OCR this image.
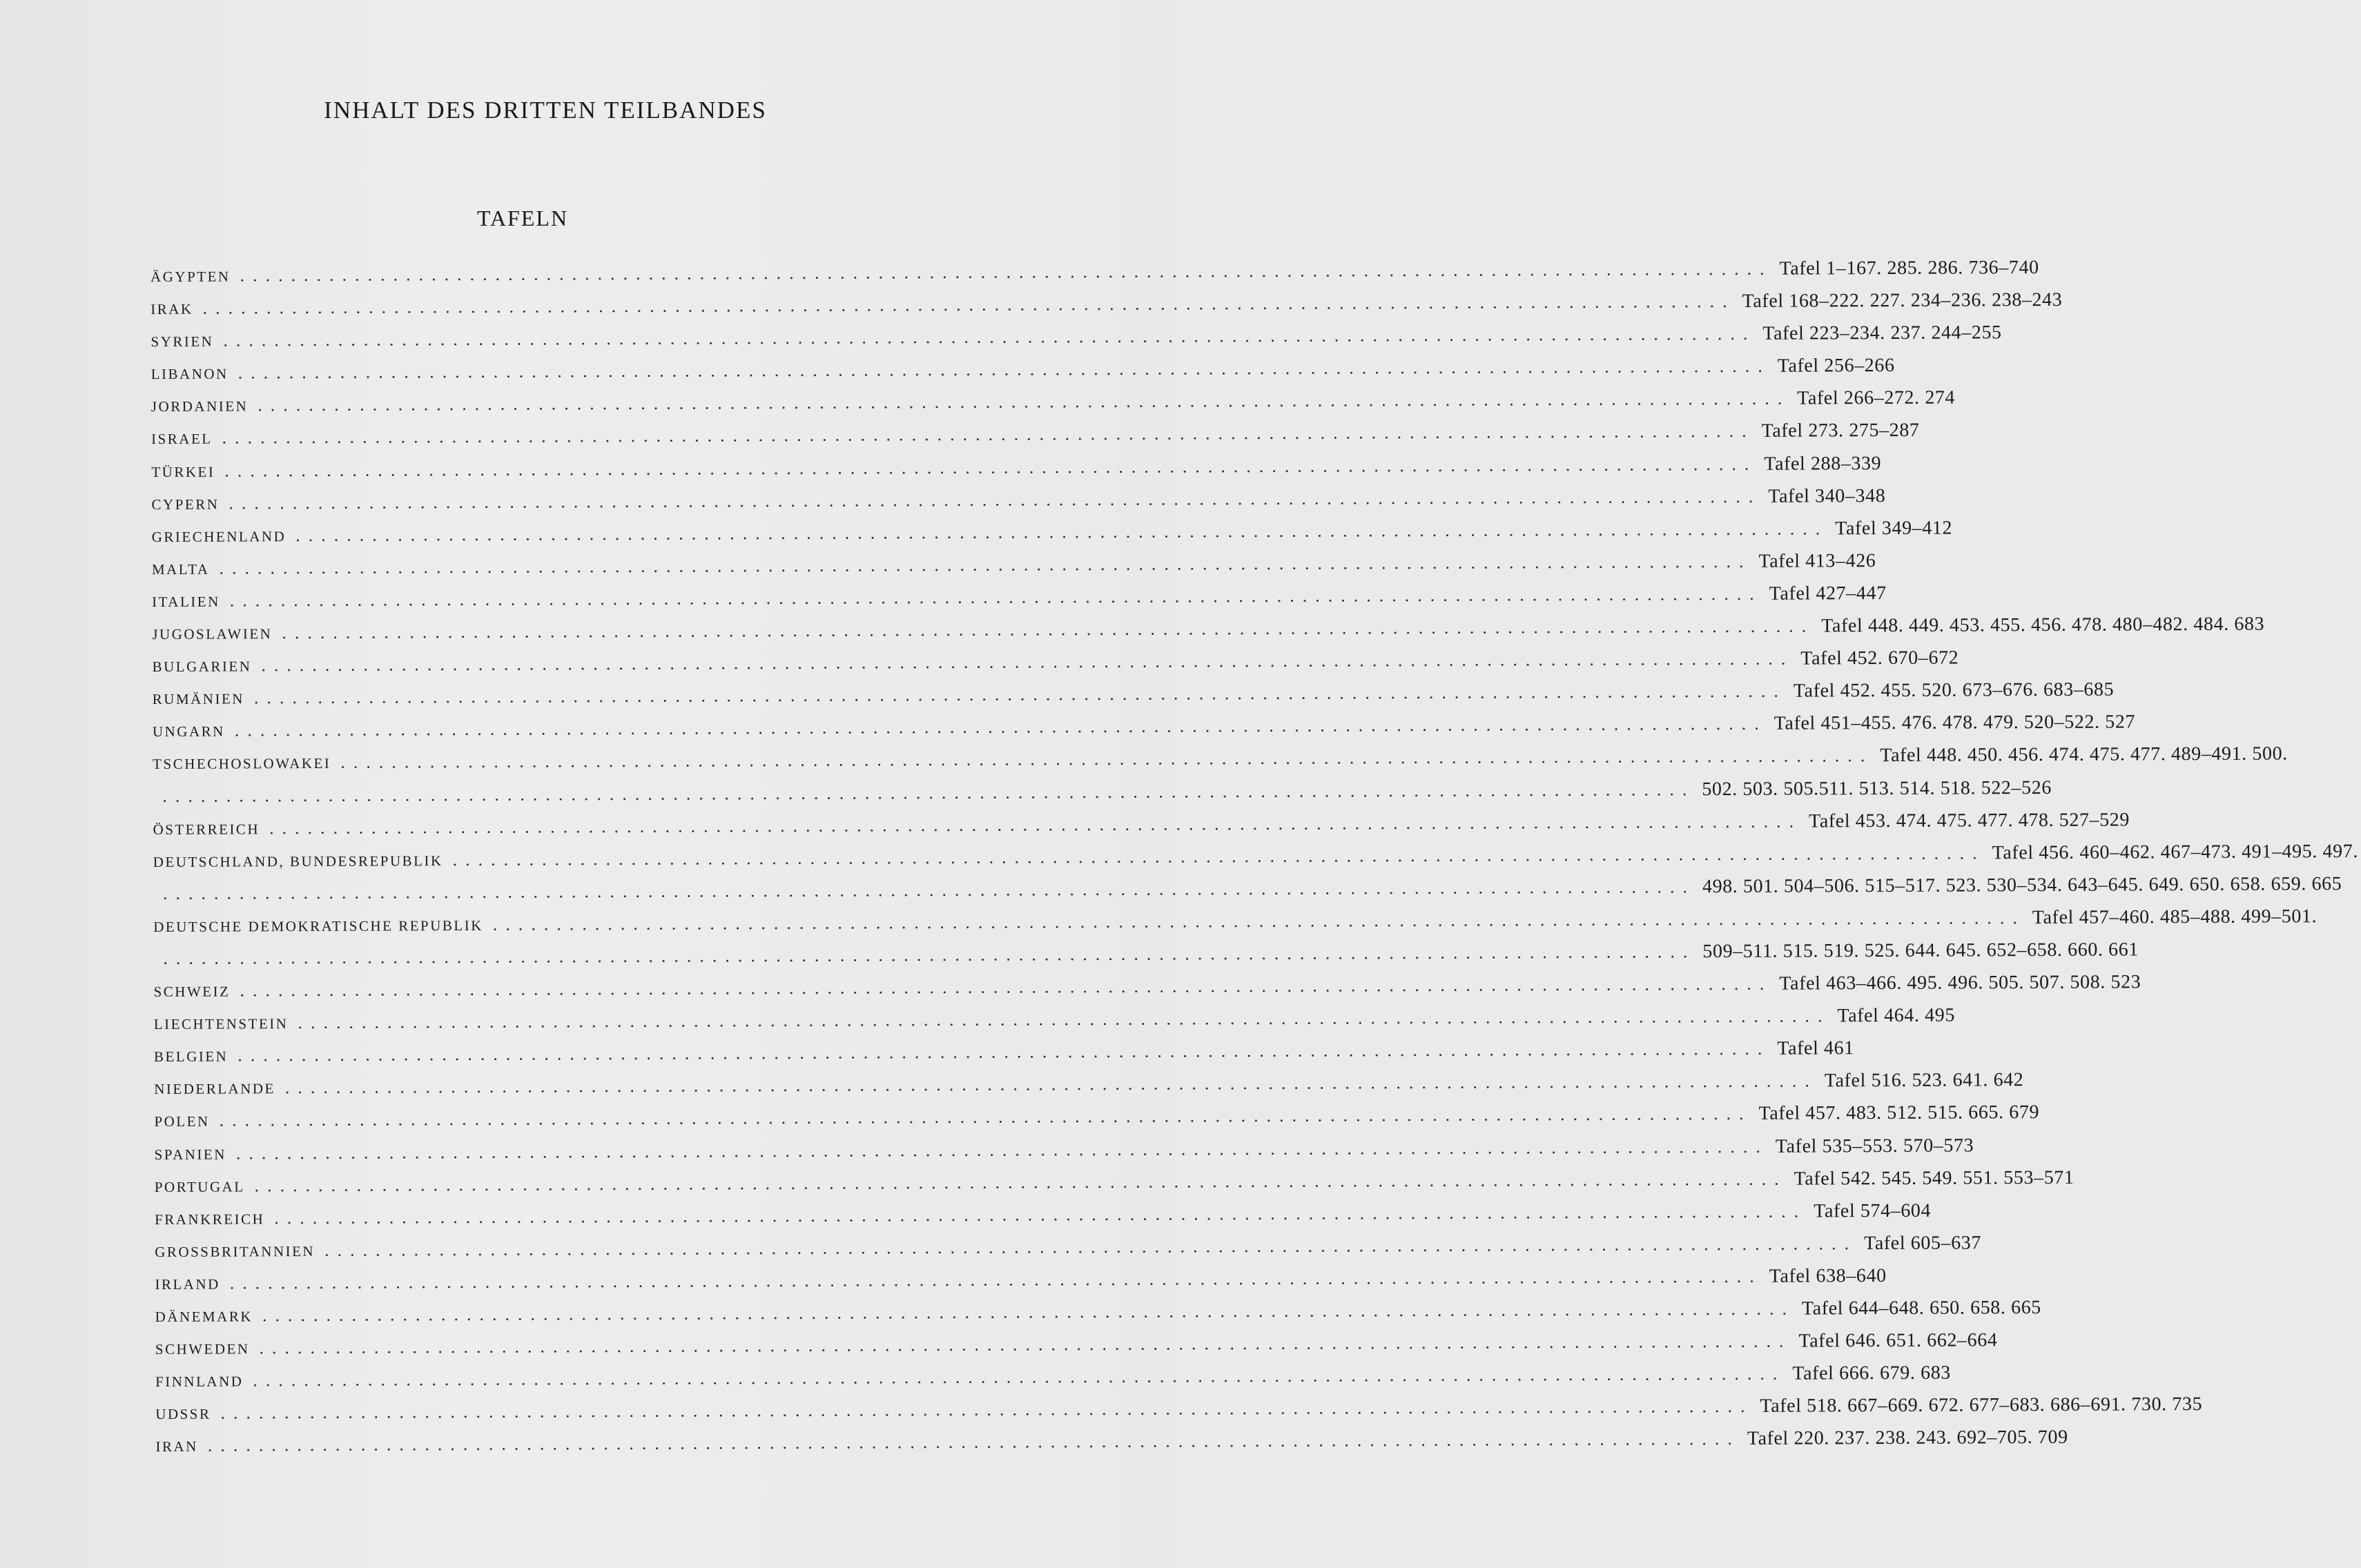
INHALT DES DRITTEN TEILBANDES
TAFELN
ÄGYPTEN ........................................................................................................................ Tafel 1–167. 285. 286. 736–740
IRAK ........................................................................................................................ Tafel 168–222. 227. 234–236. 238–243
SYRIEN ........................................................................................................................ Tafel 223–234. 237. 244–255
LIBANON ........................................................................................................................ Tafel 256–266
JORDANIEN ........................................................................................................................ Tafel 266–272. 274
ISRAEL ........................................................................................................................ Tafel 273. 275–287
TÜRKEI ........................................................................................................................ Tafel 288–339
CYPERN ........................................................................................................................ Tafel 340–348
GRIECHENLAND ........................................................................................................................ Tafel 349–412
MALTA ........................................................................................................................ Tafel 413–426
ITALIEN ........................................................................................................................ Tafel 427–447
JUGOSLAWIEN ........................................................................................................................ Tafel 448. 449. 453. 455. 456. 478. 480–482. 484. 683
BULGARIEN ........................................................................................................................ Tafel 452. 670–672
RUMÄNIEN ........................................................................................................................ Tafel 452. 455. 520. 673–676. 683–685
UNGARN ........................................................................................................................ Tafel 451–455. 476. 478. 479. 520–522. 527
TSCHECHOSLOWAKEI ........................................................................................................................ Tafel 448. 450. 456. 474. 475. 477. 489–491. 500.
........................................................................................................................ 502. 503. 505.511. 513. 514. 518. 522–526
ÖSTERREICH ........................................................................................................................ Tafel 453. 474. 475. 477. 478. 527–529
DEUTSCHLAND, BUNDESREPUBLIK ........................................................................................................................ Tafel 456. 460–462. 467–473. 491–495. 497.
........................................................................................................................ 498. 501. 504–506. 515–517. 523. 530–534. 643–645. 649. 650. 658. 659. 665
DEUTSCHE DEMOKRATISCHE REPUBLIK ........................................................................................................................ Tafel 457–460. 485–488. 499–501.
........................................................................................................................ 509–511. 515. 519. 525. 644. 645. 652–658. 660. 661
SCHWEIZ ........................................................................................................................ Tafel 463–466. 495. 496. 505. 507. 508. 523
LIECHTENSTEIN ........................................................................................................................ Tafel 464. 495
BELGIEN ........................................................................................................................ Tafel 461
NIEDERLANDE ........................................................................................................................ Tafel 516. 523. 641. 642
POLEN ........................................................................................................................ Tafel 457. 483. 512. 515. 665. 679
SPANIEN ........................................................................................................................ Tafel 535–553. 570–573
PORTUGAL ........................................................................................................................ Tafel 542. 545. 549. 551. 553–571
FRANKREICH ........................................................................................................................ Tafel 574–604
GROSSBRITANNIEN ........................................................................................................................ Tafel 605–637
IRLAND ........................................................................................................................ Tafel 638–640
DÄNEMARK ........................................................................................................................ Tafel 644–648. 650. 658. 665
SCHWEDEN ........................................................................................................................ Tafel 646. 651. 662–664
FINNLAND ........................................................................................................................ Tafel 666. 679. 683
UDSSR ........................................................................................................................ Tafel 518. 667–669. 672. 677–683. 686–691. 730. 735
IRAN ........................................................................................................................ Tafel 220. 237. 238. 243. 692–705. 709
